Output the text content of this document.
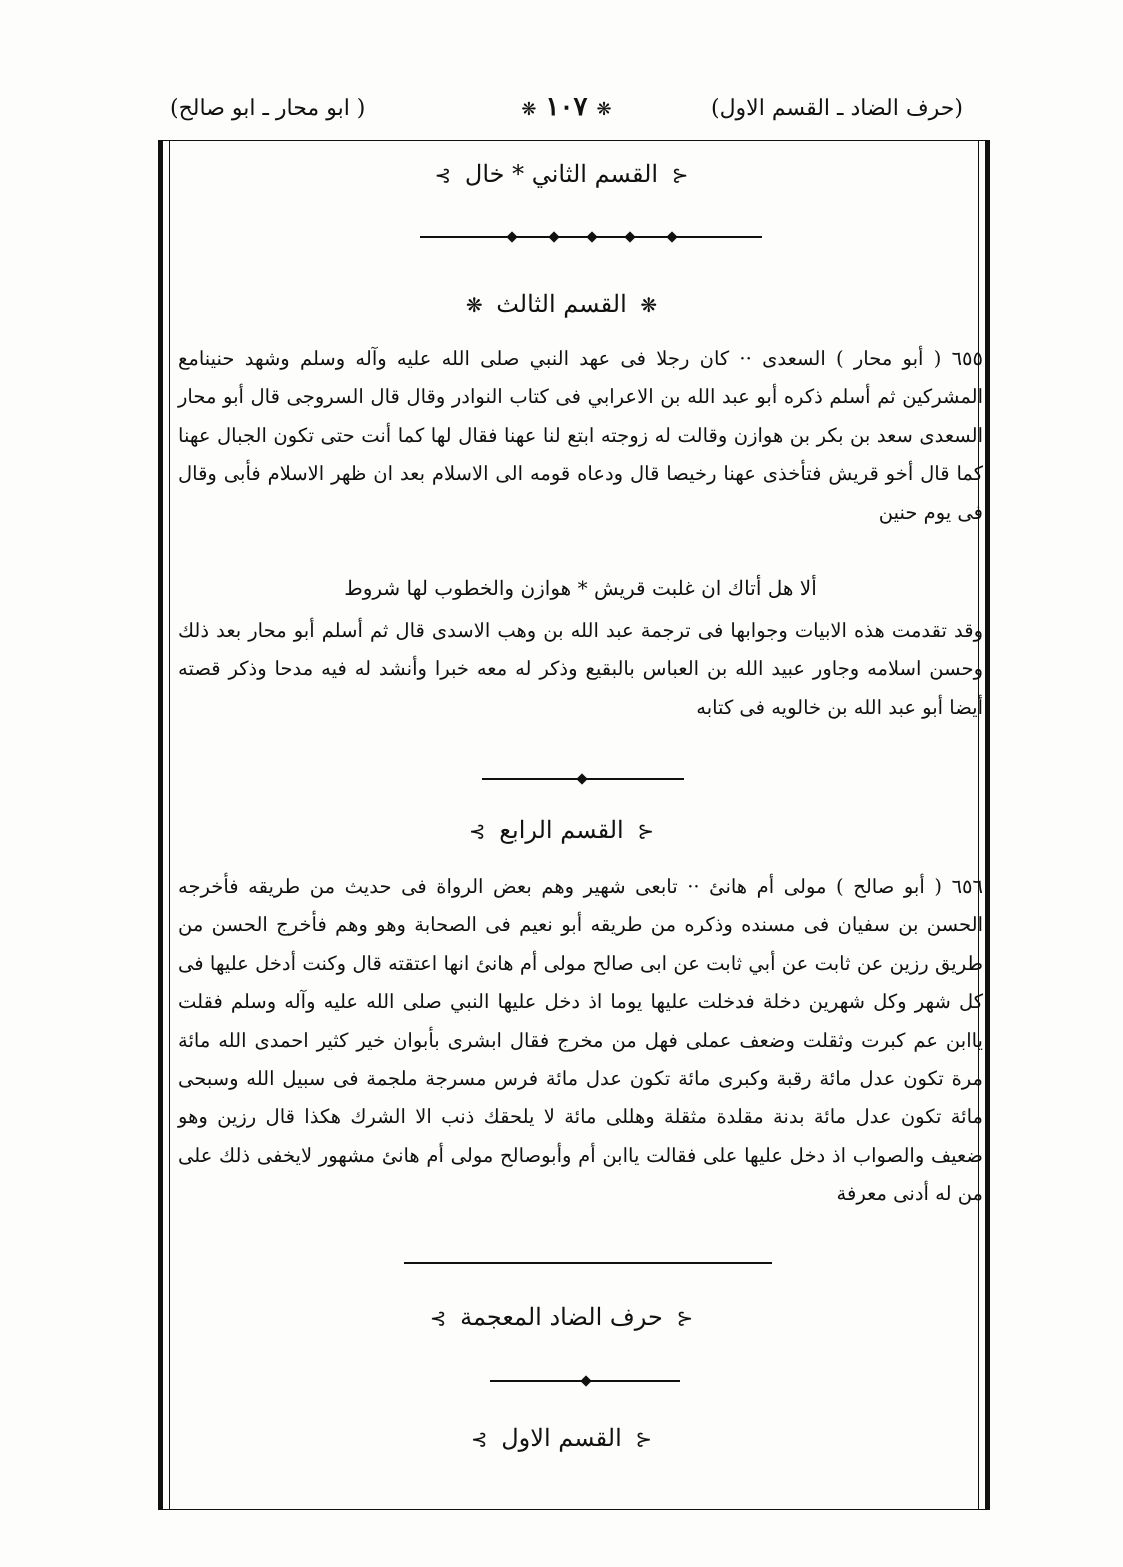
(حرف الضاد ـ القسم الاول)
❋ ١٠٧ ❋
( ابو محار ـ ابو صالح)
⊰ القسم الثاني * خال ⊱
❋ القسم الثالث ❋

٦٥٥ ( أبو محار ) السعدى ·· كان رجلا فى عهد النبي صلى الله عليه وآله وسلم وشهد حنينامع المشركين ثم أسلم ذكره أبو عبد الله بن الاعرابي فى كتاب النوادر وقال قال السروجى قال أبو محار السعدى سعد بن بكر بن هوازن وقالت له زوجته ابتع لنا عهنا فقال لها كما أنت حتى تكون الجبال عهنا كما قال أخو قريش فتأخذى عهنا رخيصا قال ودعاه قومه الى الاسلام بعد ان ظهر الاسلام فأبى وقال فى يوم حنين

ألا هل أتاك ان غلبت قريش * هوازن والخطوب لها شروط

وقد تقدمت هذه الابيات وجوابها فى ترجمة عبد الله بن وهب الاسدى قال ثم أسلم أبو محار بعد ذلك وحسن اسلامه وجاور عبيد الله بن العباس بالبقيع وذكر له معه خبرا وأنشد له فيه مدحا وذكر قصته أيضا أبو عبد الله بن خالويه فى كتابه

⊰ القسم الرابع ⊱

٦٥٦ ( أبو صالح ) مولى أم هانئ ·· تابعى شهير وهم بعض الرواة فى حديث من طريقه فأخرجه الحسن بن سفيان فى مسنده وذكره من طريقه أبو نعيم فى الصحابة وهو وهم فأخرج الحسن من طريق رزين عن ثابت عن أبي ثابت عن ابى صالح مولى أم هانئ انها اعتقته قال وكنت أدخل عليها فى كل شهر وكل شهرين دخلة فدخلت عليها يوما اذ دخل عليها النبي صلى الله عليه وآله وسلم فقلت ياابن عم كبرت وثقلت وضعف عملى فهل من مخرج فقال ابشرى بأبوان خير كثير احمدى الله مائة مرة تكون عدل مائة رقبة وكبرى مائة تكون عدل مائة فرس مسرجة ملجمة فى سبيل الله وسبحى مائة تكون عدل مائة بدنة مقلدة مثقلة وهللى مائة لا يلحقك ذنب الا الشرك هكذا قال رزين وهو ضعيف والصواب اذ دخل عليها على فقالت ياابن أم وأبوصالح مولى أم هانئ مشهور لايخفى ذلك على من له أدنى معرفة

⊰ حرف الضاد المعجمة ⊱
⊰ القسم الاول ⊱
